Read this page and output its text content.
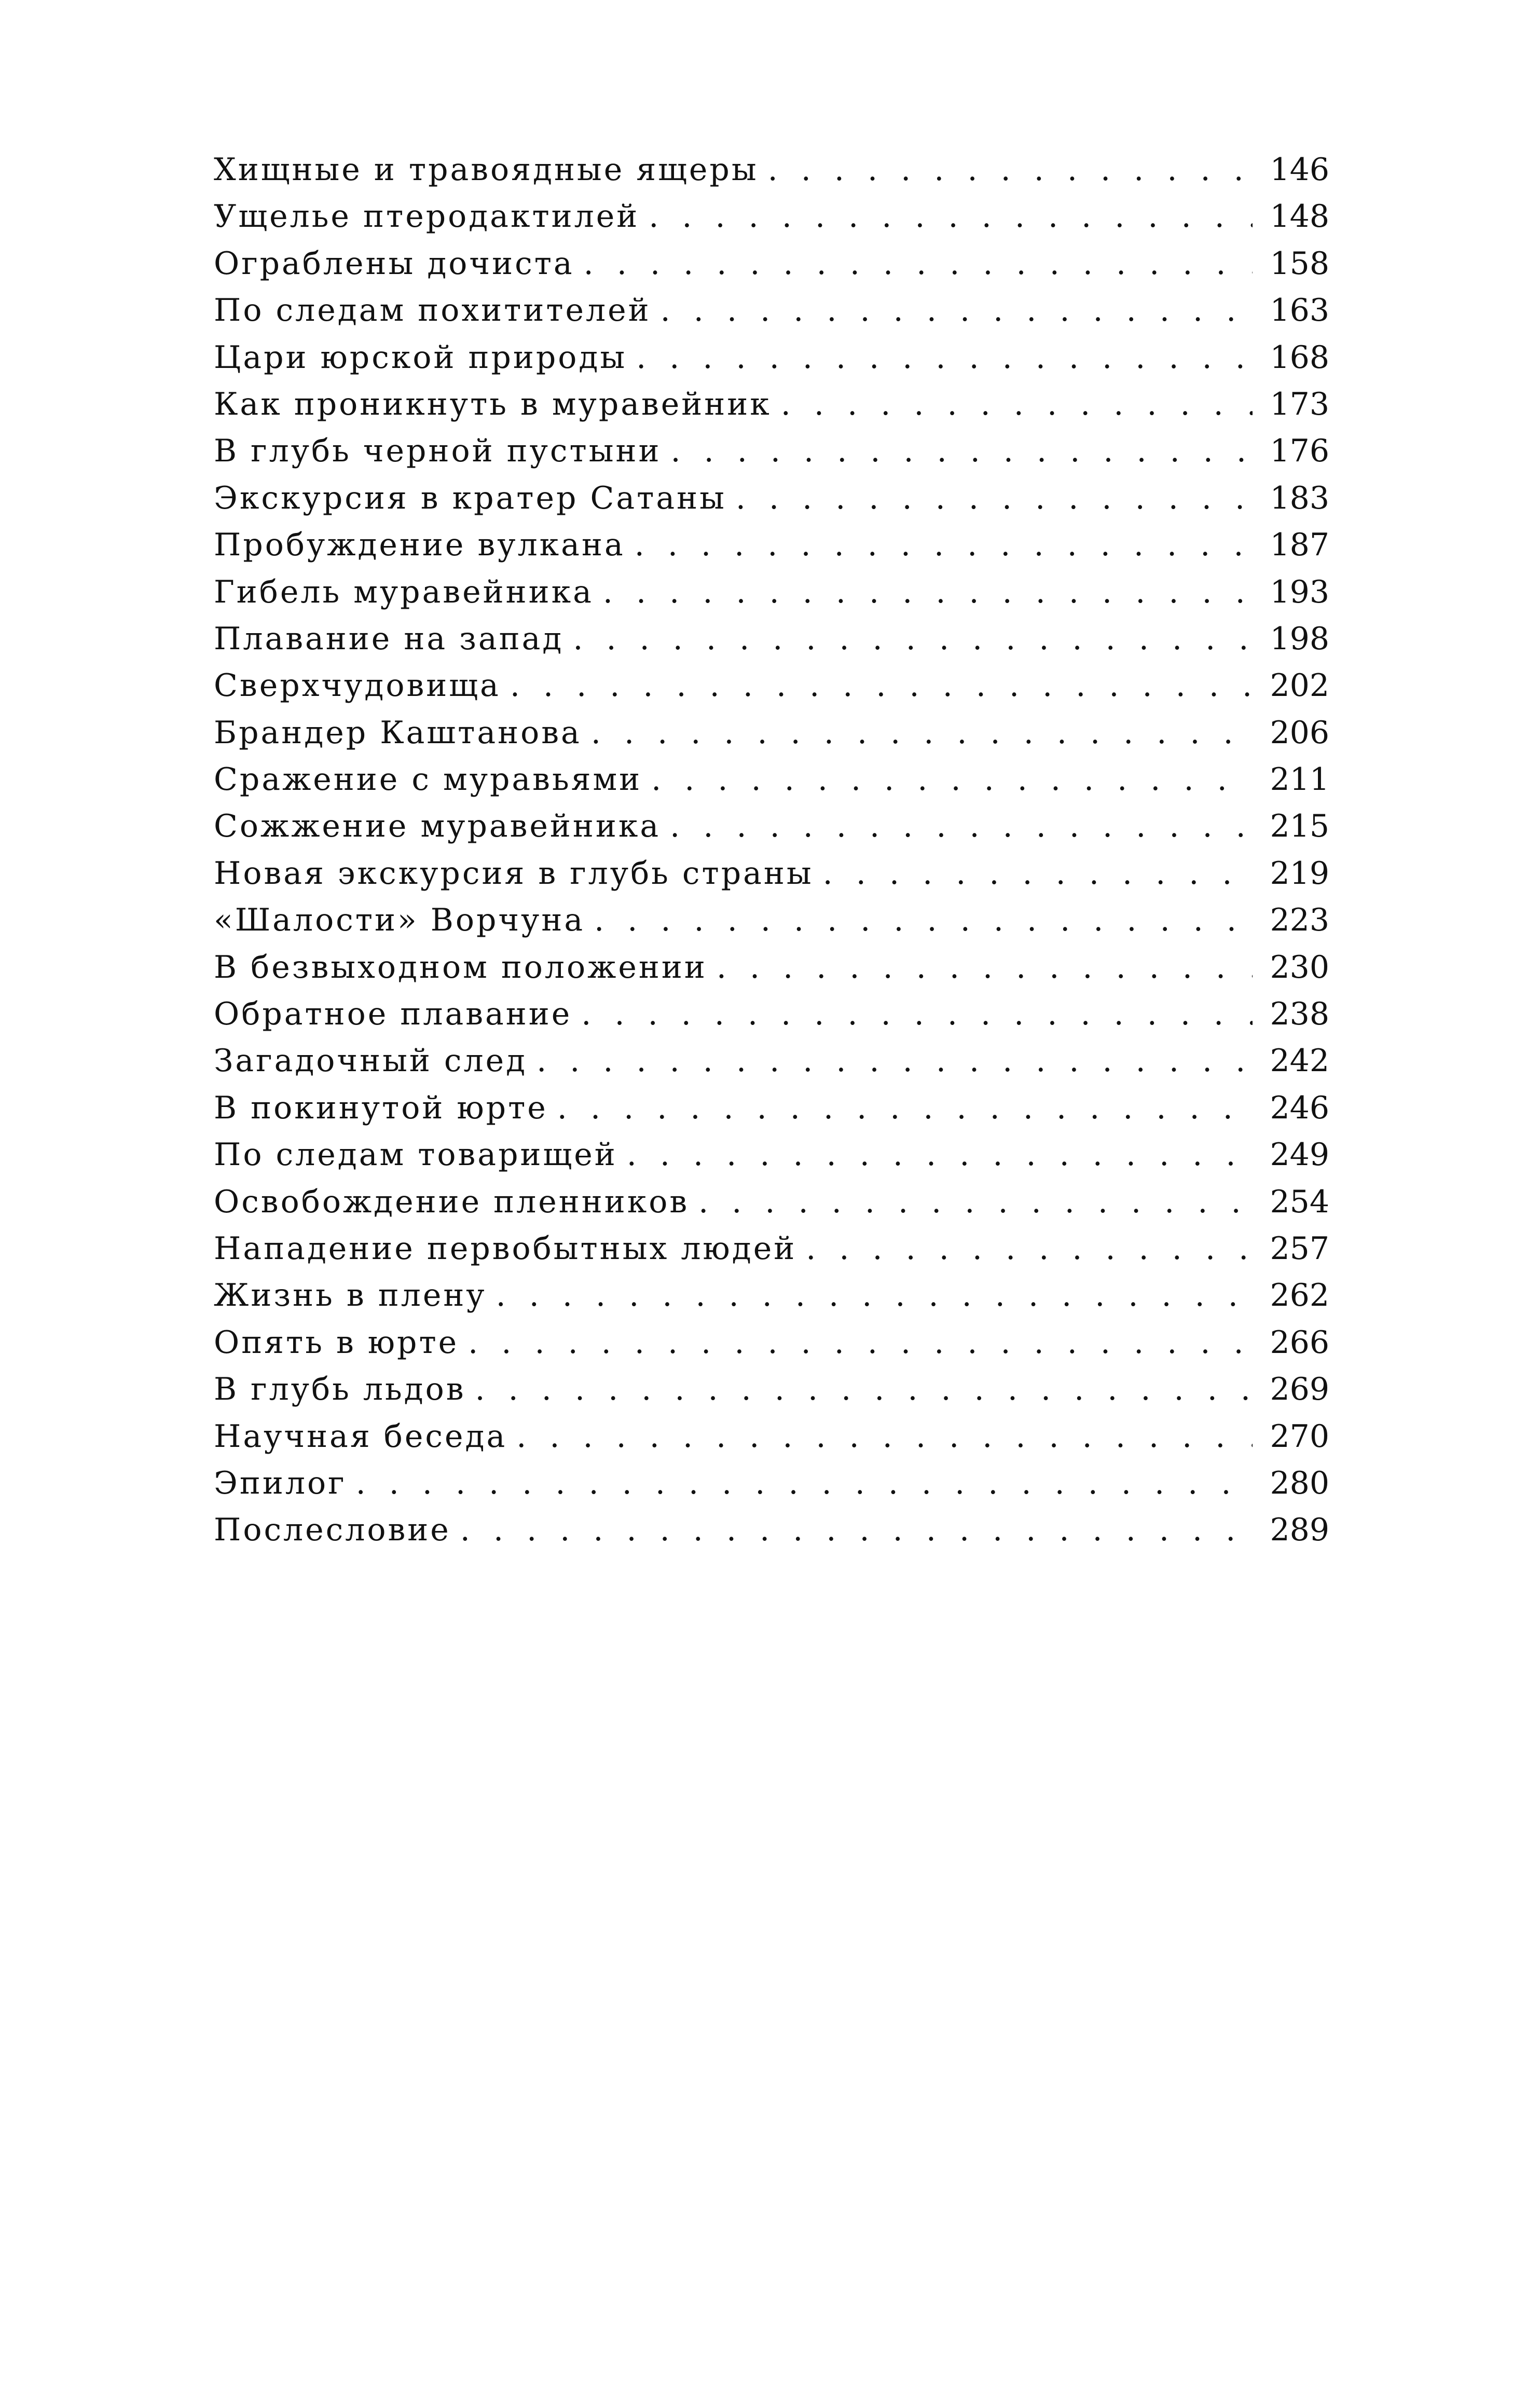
Хищные и травоядные ящеры . . .	146
Ущелье птеродактилей . . .	148
Ограблены дочиста . . .	158
По следам похитителей . . .	163
Цари юрской природы . . .	168
Как проникнуть в муравейник . . .	173
В глубь черной пустыни . . .	176
Экскурсия в кратер Сатаны . . .	183
Пробуждение вулкана . . .	187
Гибель муравейника . . .	193
Плавание на запад . . .	198
Сверхчудовища . . .	202
Брандер Каштанова . . .	206
Сражение с муравьями . . .	211
Сожжение муравейника . . .	215
Новая экскурсия в глубь страны . . .	219
«Шалости» Ворчуна . . .	223
В безвыходном положении . . .	230
Обратное плавание . . .	238
Загадочный след . . .	242
В покинутой юрте . . .	246
По следам товарищей . . .	249
Освобождение пленников . . .	254
Нападение первобытных людей . . .	257
Жизнь в плену . . .	262
Опять в юрте . . .	266
В глубь льдов . . .	269
Научная беседа . . .	270
Эпилог . . .	280
Послесловие . . .	289
